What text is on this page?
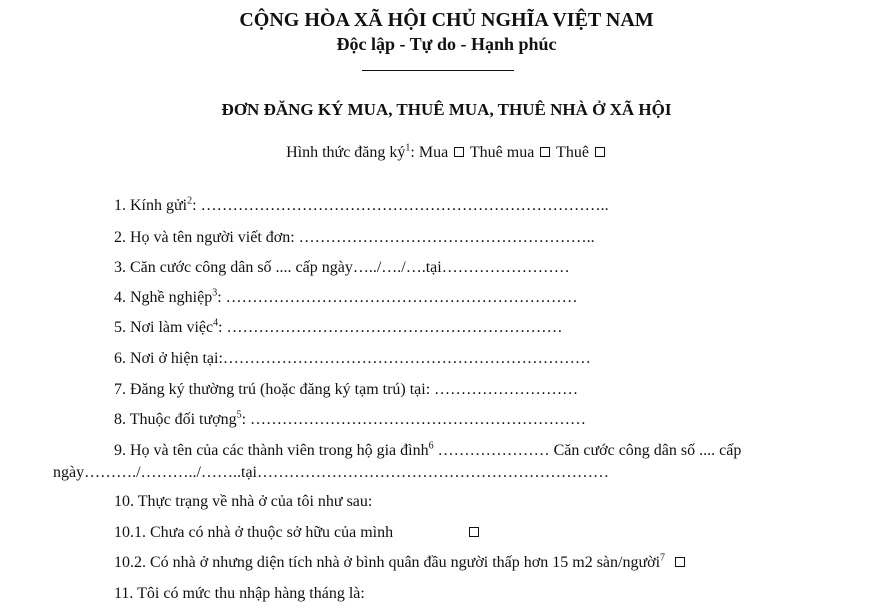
CỘNG HÒA XÃ HỘI CHỦ NGHĨA VIỆT NAM
Độc lập - Tự do - Hạnh phúc
ĐƠN ĐĂNG KÝ MUA, THUÊ MUA, THUÊ NHÀ Ở XÃ HỘI
Hình thức đăng $ký^1$: Mua Thuê mua Thuê
1. Kính gửi$^2$: …………………………………………………………………..
2. Họ và tên người viết đơn: ………………………………………………..
3. Căn cước công dân số .... cấp ngày…../…./….tại……………………
4. Nghề nghiệp$^3$: …………………………………………………………
5. Nơi làm việc$^4$: ………………………………………………………
6. Nơi ở hiện tại:……………………………………………………………
7. Đăng ký thường trú (hoặc đăng ký tạm trú) tại: ………………………
8. Thuộc đối tượng$^5$: ………………………………………………………
9. Họ và tên của các thành viên trong hộ gia đình$^6$ ………………… Căn cước công dân số .... cấp
ngày………./………../……..tại…………………………………………………………
10. Thực trạng về nhà ở của tôi như sau:
10.1. Chưa có nhà ở thuộc sở hữu của mình
10.2. Có nhà ở nhưng diện tích nhà ở bình quân đầu người thấp hơn 15 m2 sàn/người$^7$
11. Tôi có mức thu nhập hàng tháng là:
